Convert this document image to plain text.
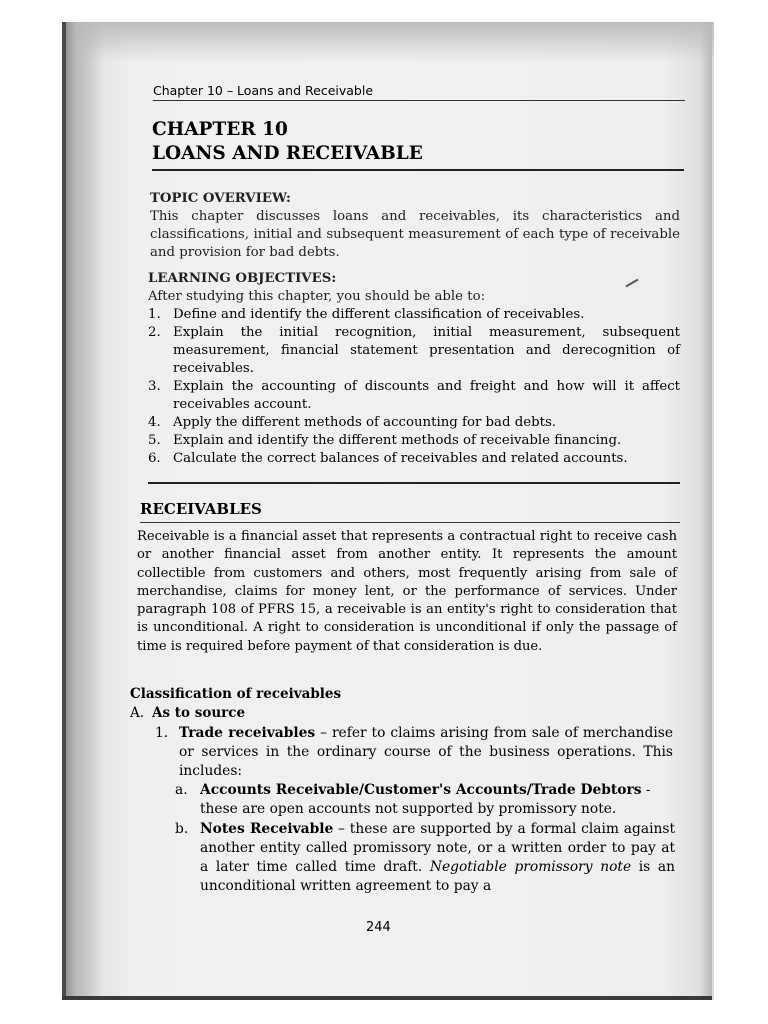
Chapter 10 – Loans and Receivable
CHAPTER 10
LOANS AND RECEIVABLE
TOPIC OVERVIEW:
This chapter discusses loans and receivables, its characteristics and classifications, initial and subsequent measurement of each type of receivable and provision for bad debts.
LEARNING OBJECTIVES:
After studying this chapter, you should be able to:
1. Define and identify the different classification of receivables.
2. Explain the initial recognition, initial measurement, subsequent measurement, financial statement presentation and derecognition of receivables.
3. Explain the accounting of discounts and freight and how will it affect receivables account.
4. Apply the different methods of accounting for bad debts.
5. Explain and identify the different methods of receivable financing.
6. Calculate the correct balances of receivables and related accounts.
RECEIVABLES
Receivable is a financial asset that represents a contractual right to receive cash or another financial asset from another entity. It represents the amount collectible from customers and others, most frequently arising from sale of merchandise, claims for money lent, or the performance of services. Under paragraph 108 of PFRS 15, a receivable is an entity's right to consideration that is unconditional. A right to consideration is unconditional if only the passage of time is required before payment of that consideration is due.
Classification of receivables
A. As to source
1. Trade receivables – refer to claims arising from sale of merchandise or services in the ordinary course of the business operations. This includes:
a. Accounts Receivable/Customer's Accounts/Trade Debtors - these are open accounts not supported by promissory note.
b. Notes Receivable – these are supported by a formal claim against another entity called promissory note, or a written order to pay at a later time called time draft. Negotiable promissory note is an unconditional written agreement to pay a
244
